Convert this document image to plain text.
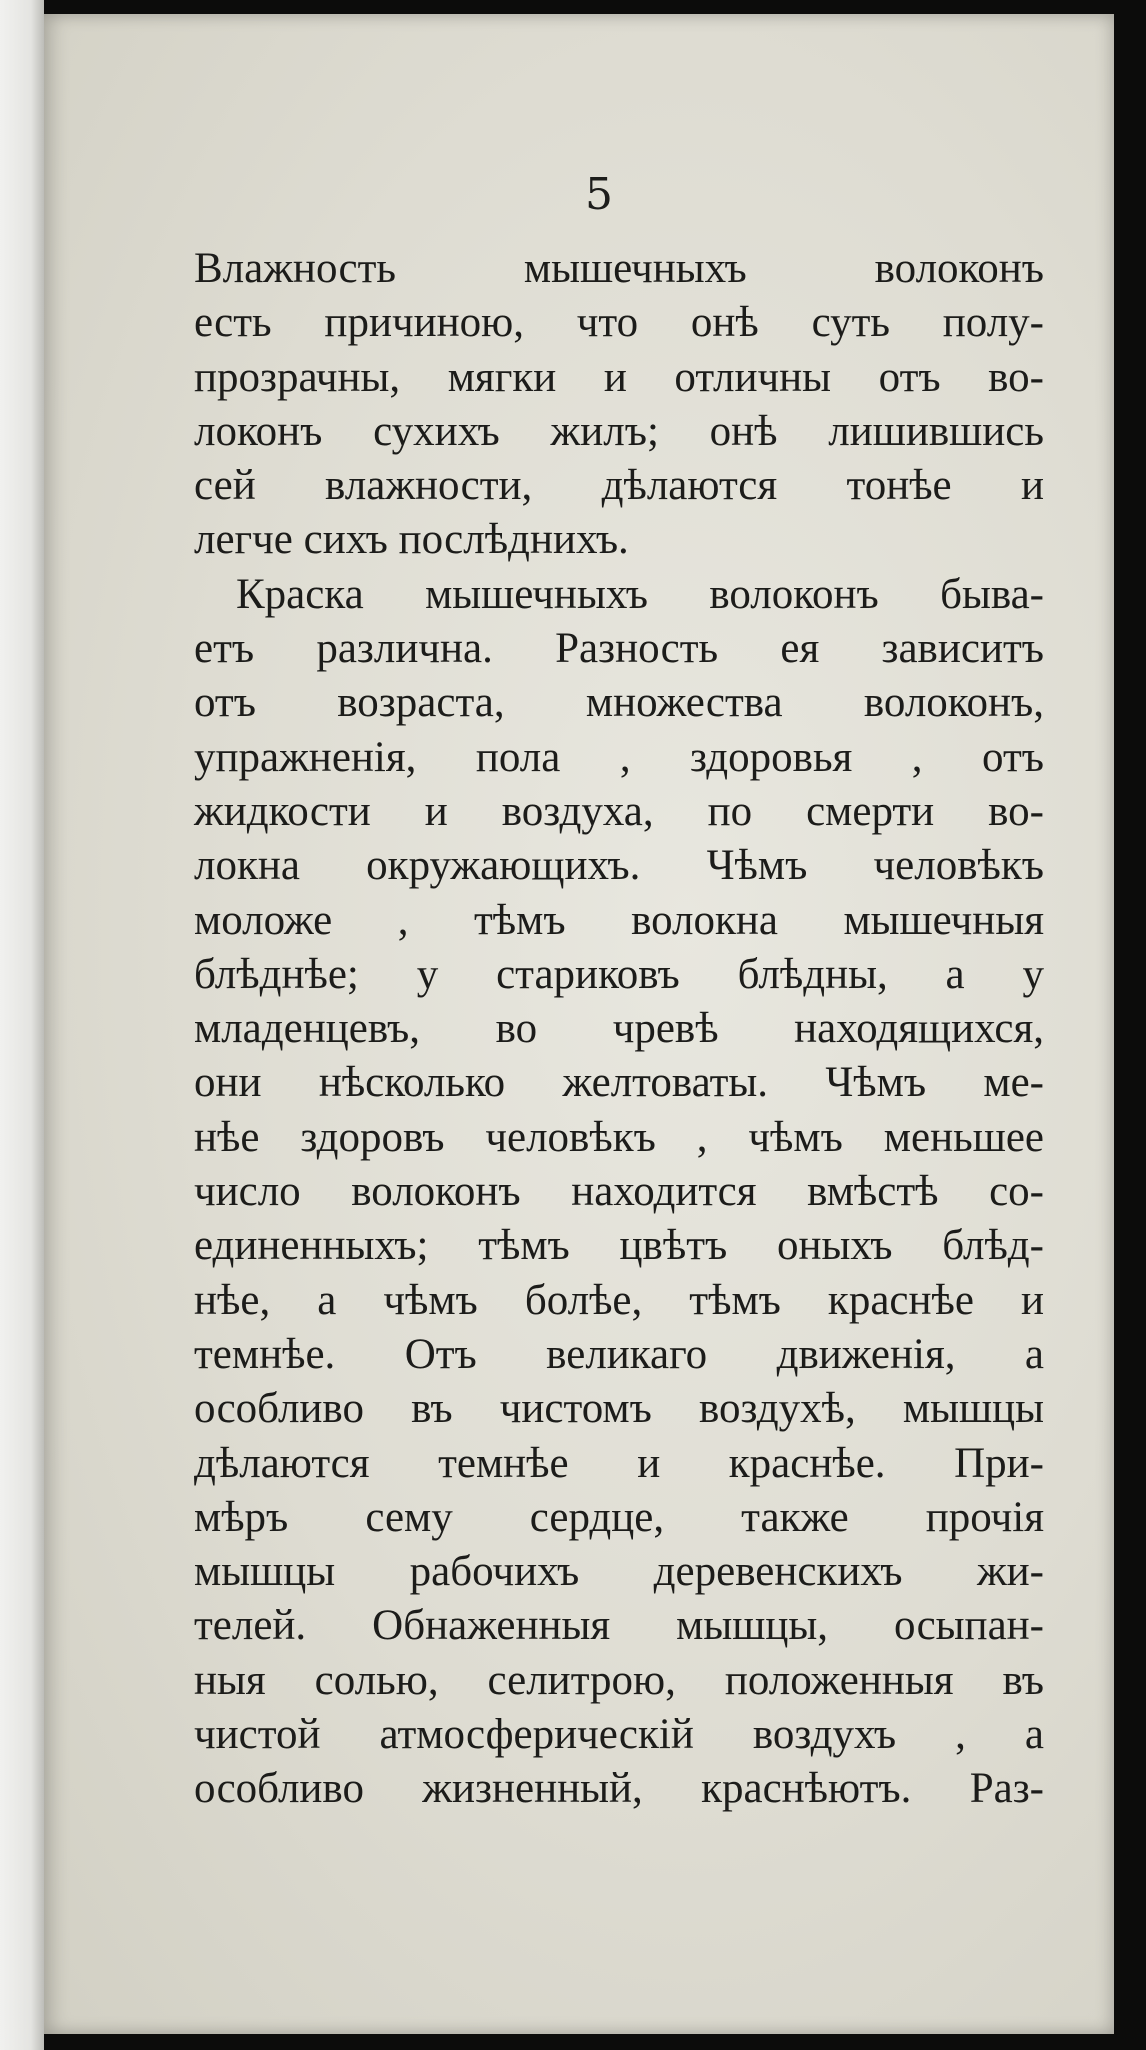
5
Влажность мышечныхъ волоконъ
есть причиною, что онѣ суть полу-
прозрачны, мягки и отличны отъ во-
локонъ сухихъ жилъ; онѣ лишившись
сей влажности, дѣлаются тонѣе и
легче сихъ послѣднихъ.
Краска мышечныхъ волоконъ быва-
етъ различна. Разность ея зависитъ
отъ возраста, множества волоконъ,
упражненія, пола , здоровья , отъ
жидкости и воздуха, по смерти во-
локна окружающихъ. Чѣмъ человѣкъ
моложе , тѣмъ волокна мышечныя
блѣднѣе; у стариковъ блѣдны, а у
младенцевъ, во чревѣ находящихся,
они нѣсколько желтоваты. Чѣмъ ме-
нѣе здоровъ человѣкъ , чѣмъ меньшее
число волоконъ находится вмѣстѣ со-
единенныхъ; тѣмъ цвѣтъ оныхъ блѣд-
нѣе, а чѣмъ болѣе, тѣмъ краснѣе и
темнѣе. Отъ великаго движенія, а
особливо въ чистомъ воздухѣ, мышцы
дѣлаются темнѣе и краснѣе. При-
мѣръ сему сердце, также прочія
мышцы рабочихъ деревенскихъ жи-
телей. Обнаженныя мышцы, осыпан-
ныя солью, селитрою, положенныя въ
чистой атмосферическій воздухъ , а
особливо жизненный, краснѣютъ. Раз-
